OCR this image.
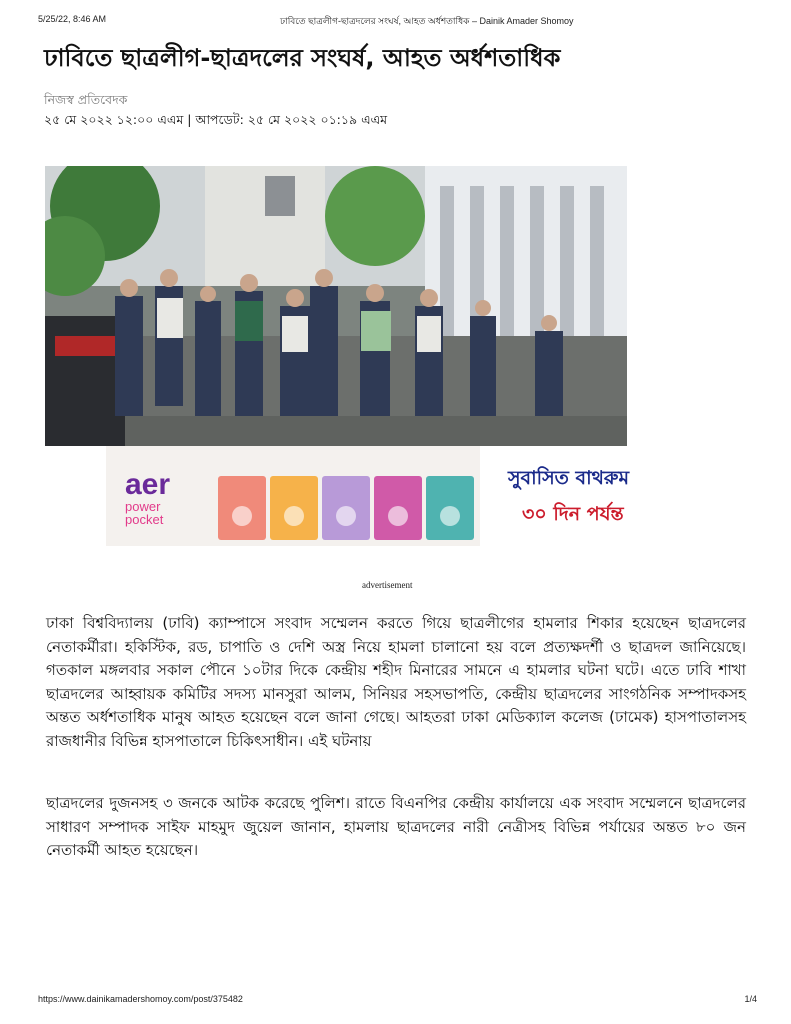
5/25/22, 8:46 AM	ঢাবিতে ছাত্রলীগ-ছাত্রদলের সংঘর্ষ, আহত অর্ধশতাধিক – Dainik Amader Shomoy
ঢাবিতে ছাত্রলীগ-ছাত্রদলের সংঘর্ষ, আহত অর্ধশতাধিক
নিজস্ব প্রতিবেদক
২৫ মে ২০২২ ১২:০০ এএম | আপডেট: ২৫ মে ২০২২ ০১:১৯ এএম
aer
power
pocket
সুবাসিত বাথরুম
৩০ দিন পর্যন্ত
advertisement

ঢাকা বিশ্ববিদ্যালয় (ঢাবি) ক্যাম্পাসে সংবাদ সম্মেলন করতে গিয়ে ছাত্রলীগের হামলার শিকার হয়েছেন ছাত্রদলের নেতাকর্মীরা। হকিস্টিক, রড, চাপাতি ও দেশি অস্ত্র নিয়ে হামলা চালানো হয় বলে প্রত্যক্ষদর্শী ও ছাত্রদল জানিয়েছে। গতকাল মঙ্গলবার সকাল পৌনে ১০টার দিকে কেন্দ্রীয় শহীদ মিনারের সামনে এ হামলার ঘটনা ঘটে। এতে ঢাবি শাখা ছাত্রদলের আহ্বায়ক কমিটির সদস্য মানসুরা আলম, সিনিয়র সহসভাপতি, কেন্দ্রীয় ছাত্রদলের সাংগঠনিক সম্পাদকসহ অন্তত অর্ধশতাধিক মানুষ আহত হয়েছেন বলে জানা গেছে। আহতরা ঢাকা মেডিক্যাল কলেজ (ঢামেক) হাসপাতালসহ রাজধানীর বিভিন্ন হাসপাতালে চিকিৎসাধীন। এই ঘটনায়

ছাত্রদলের দুজনসহ ৩ জনকে আটক করেছে পুলিশ। রাতে বিএনপির কেন্দ্রীয় কার্যালয়ে এক সংবাদ সম্মেলনে ছাত্রদলের সাধারণ সম্পাদক সাইফ মাহমুদ জুয়েল জানান, হামলায় ছাত্রদলের নারী নেত্রীসহ বিভিন্ন পর্যায়ের অন্তত ৮০ জন নেতাকর্মী আহত হয়েছেন।

https://www.dainikamadershomoy.com/post/375482	1/4
